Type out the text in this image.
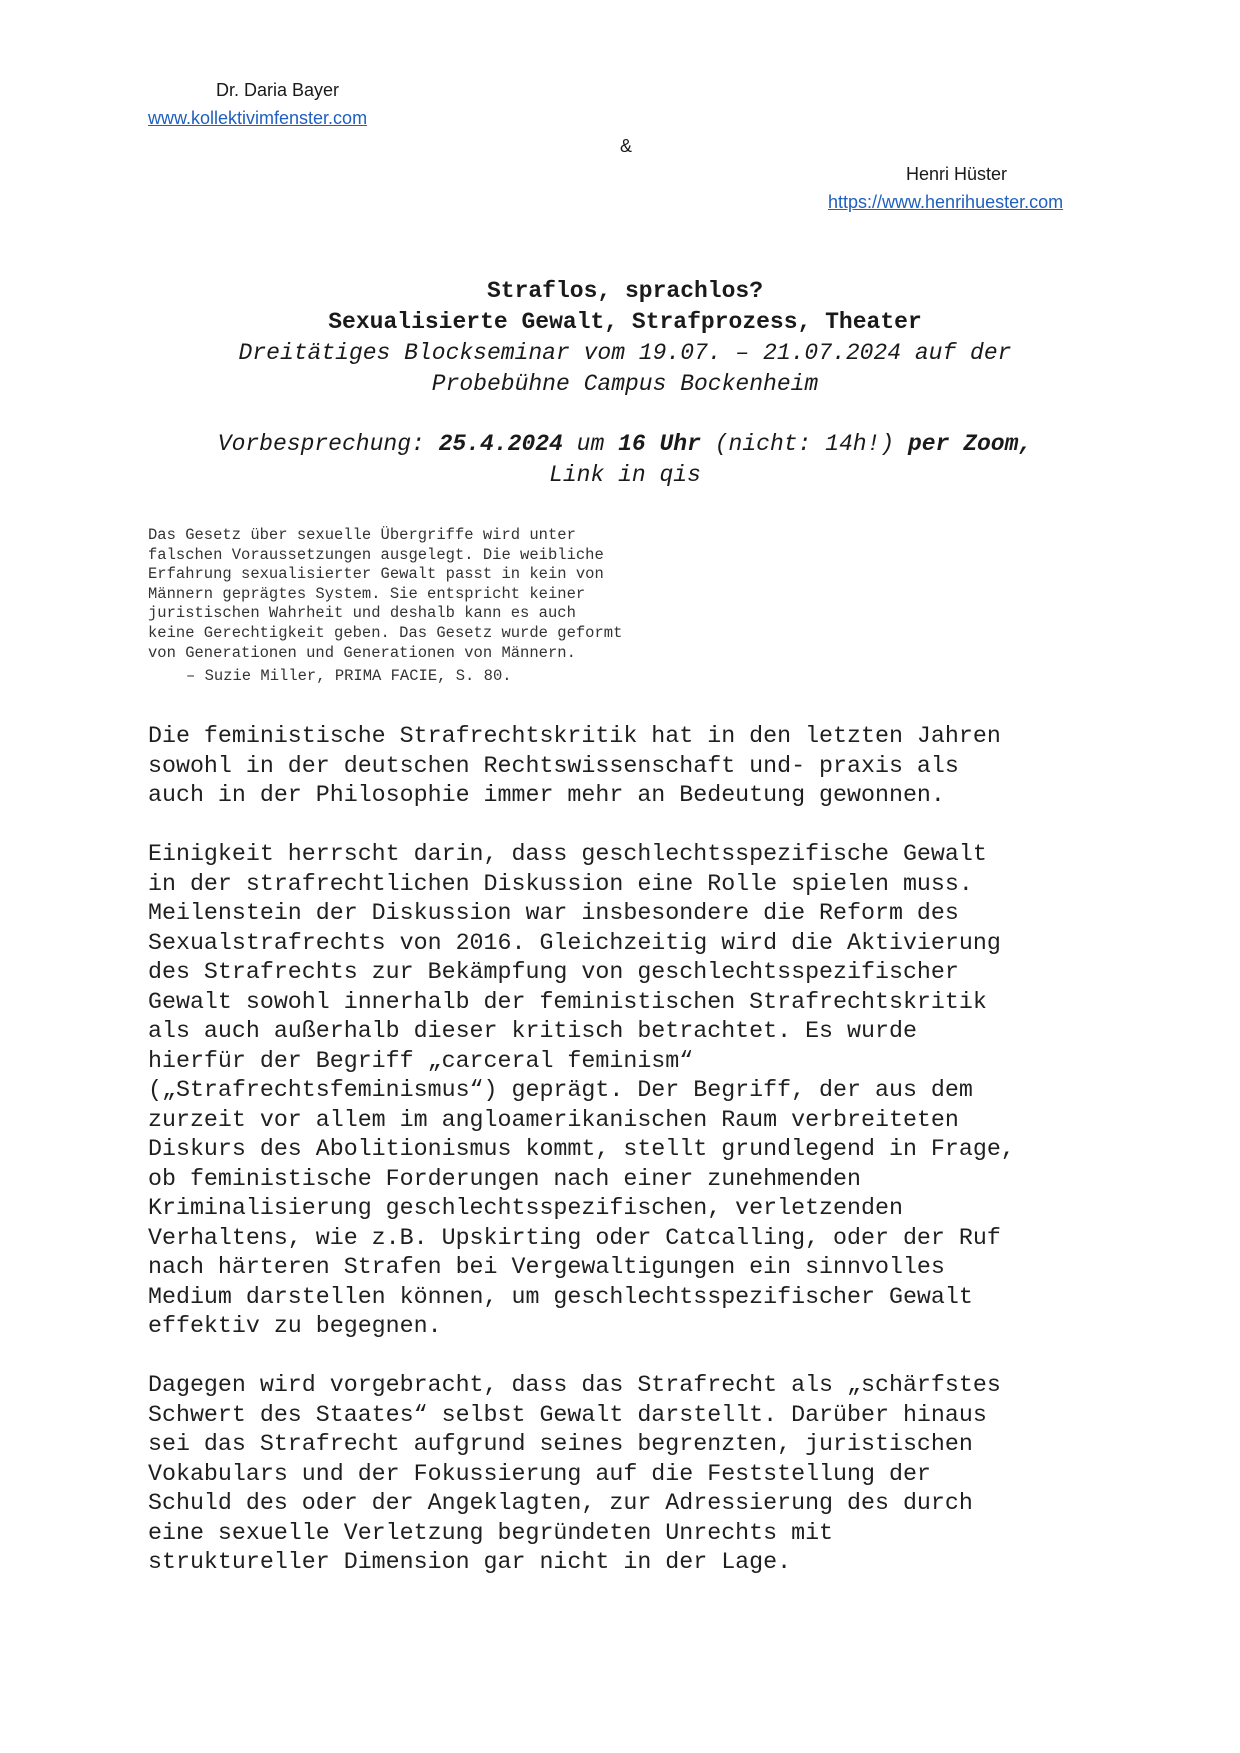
Dr. Daria Bayer
www.kollektivimfenster.com
&
Henri Hüster
https://www.henrihuester.com
Straflos, sprachlos?
Sexualisierte Gewalt, Strafprozess, Theater
Dreitätiges Blockseminar vom 19.07. – 21.07.2024 auf der
Probebühne Campus Bockenheim
Vorbesprechung: 25.4.2024 um 16 Uhr (nicht: 14h!) per Zoom,
Link in qis
Das Gesetz über sexuelle Übergriffe wird unter
falschen Voraussetzungen ausgelegt. Die weibliche
Erfahrung sexualisierter Gewalt passt in kein von
Männern geprägtes System. Sie entspricht keiner
juristischen Wahrheit und deshalb kann es auch
keine Gerechtigkeit geben. Das Gesetz wurde geformt
von Generationen und Generationen von Männern.
– Suzie Miller, PRIMA FACIE, S. 80.
Die feministische Strafrechtskritik hat in den letzten Jahren
sowohl in der deutschen Rechtswissenschaft und- praxis als
auch in der Philosophie immer mehr an Bedeutung gewonnen.
Einigkeit herrscht darin, dass geschlechtsspezifische Gewalt
in der strafrechtlichen Diskussion eine Rolle spielen muss.
Meilenstein der Diskussion war insbesondere die Reform des
Sexualstrafrechts von 2016. Gleichzeitig wird die Aktivierung
des Strafrechts zur Bekämpfung von geschlechtsspezifischer
Gewalt sowohl innerhalb der feministischen Strafrechtskritik
als auch außerhalb dieser kritisch betrachtet. Es wurde
hierfür der Begriff „carceral feminism“
(„Strafrechtsfeminismus“) geprägt. Der Begriff, der aus dem
zurzeit vor allem im angloamerikanischen Raum verbreiteten
Diskurs des Abolitionismus kommt, stellt grundlegend in Frage,
ob feministische Forderungen nach einer zunehmenden
Kriminalisierung geschlechtsspezifischen, verletzenden
Verhaltens, wie z.B. Upskirting oder Catcalling, oder der Ruf
nach härteren Strafen bei Vergewaltigungen ein sinnvolles
Medium darstellen können, um geschlechtsspezifischer Gewalt
effektiv zu begegnen.
Dagegen wird vorgebracht, dass das Strafrecht als „schärfstes
Schwert des Staates“ selbst Gewalt darstellt. Darüber hinaus
sei das Strafrecht aufgrund seines begrenzten, juristischen
Vokabulars und der Fokussierung auf die Feststellung der
Schuld des oder der Angeklagten, zur Adressierung des durch
eine sexuelle Verletzung begründeten Unrechts mit
struktureller Dimension gar nicht in der Lage.
